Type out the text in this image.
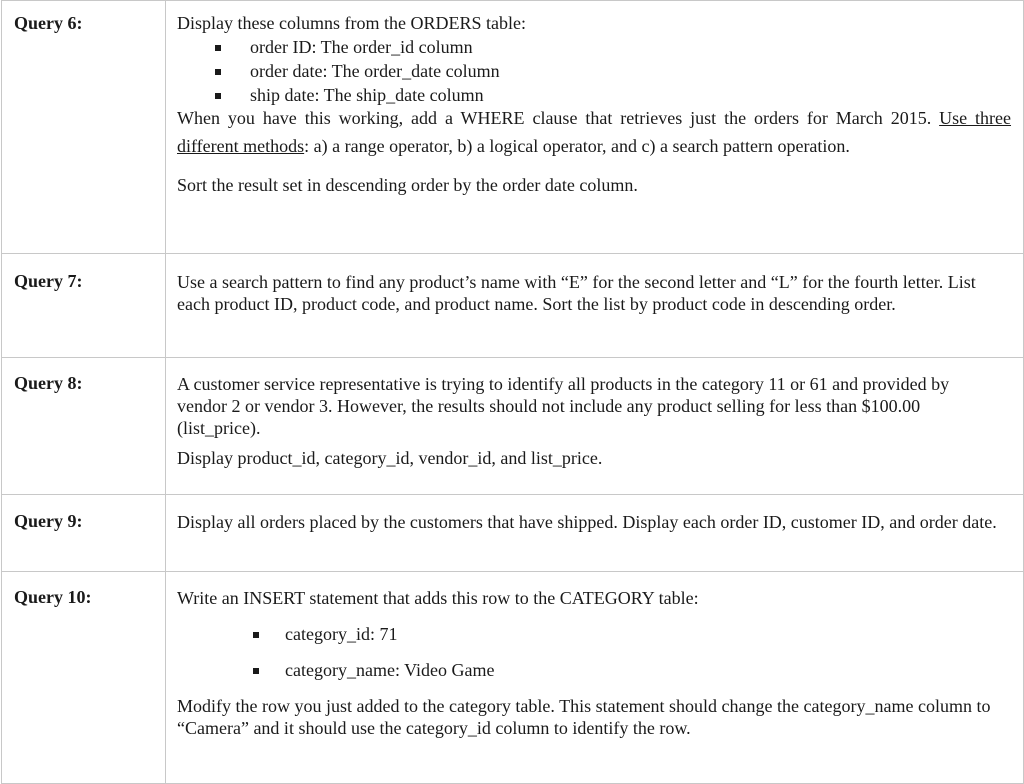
Query 6:	Display these columns from the ORDERS table:

order ID: The order_id column
order date: The order_date column
ship date: The ship_date column

When you have this working, add a WHERE clause that retrieves just the orders for March 2015. Use three different methods: a) a range operator, b) a logical operator, and c) a search pattern operation.

Sort the result set in descending order by the order date column.

Query 7:	Use a search pattern to find any product’s name with “E” for the second letter and “L” for the fourth letter. List each product ID, product code, and product name. Sort the list by product code in descending order.

Query 8:	A customer service representative is trying to identify all products in the category 11 or 61 and provided by vendor 2 or vendor 3. However, the results should not include any product selling for less than $100.00 (list_price).

Display product_id, category_id, vendor_id, and list_price.

Query 9:	Display all orders placed by the customers that have shipped. Display each order ID, customer ID, and order date.

Query 10:	Write an INSERT statement that adds this row to the CATEGORY table:

category_id: 71
category_name: Video Game

Modify the row you just added to the category table. This statement should change the category_name column to “Camera” and it should use the category_id column to identify the row.
